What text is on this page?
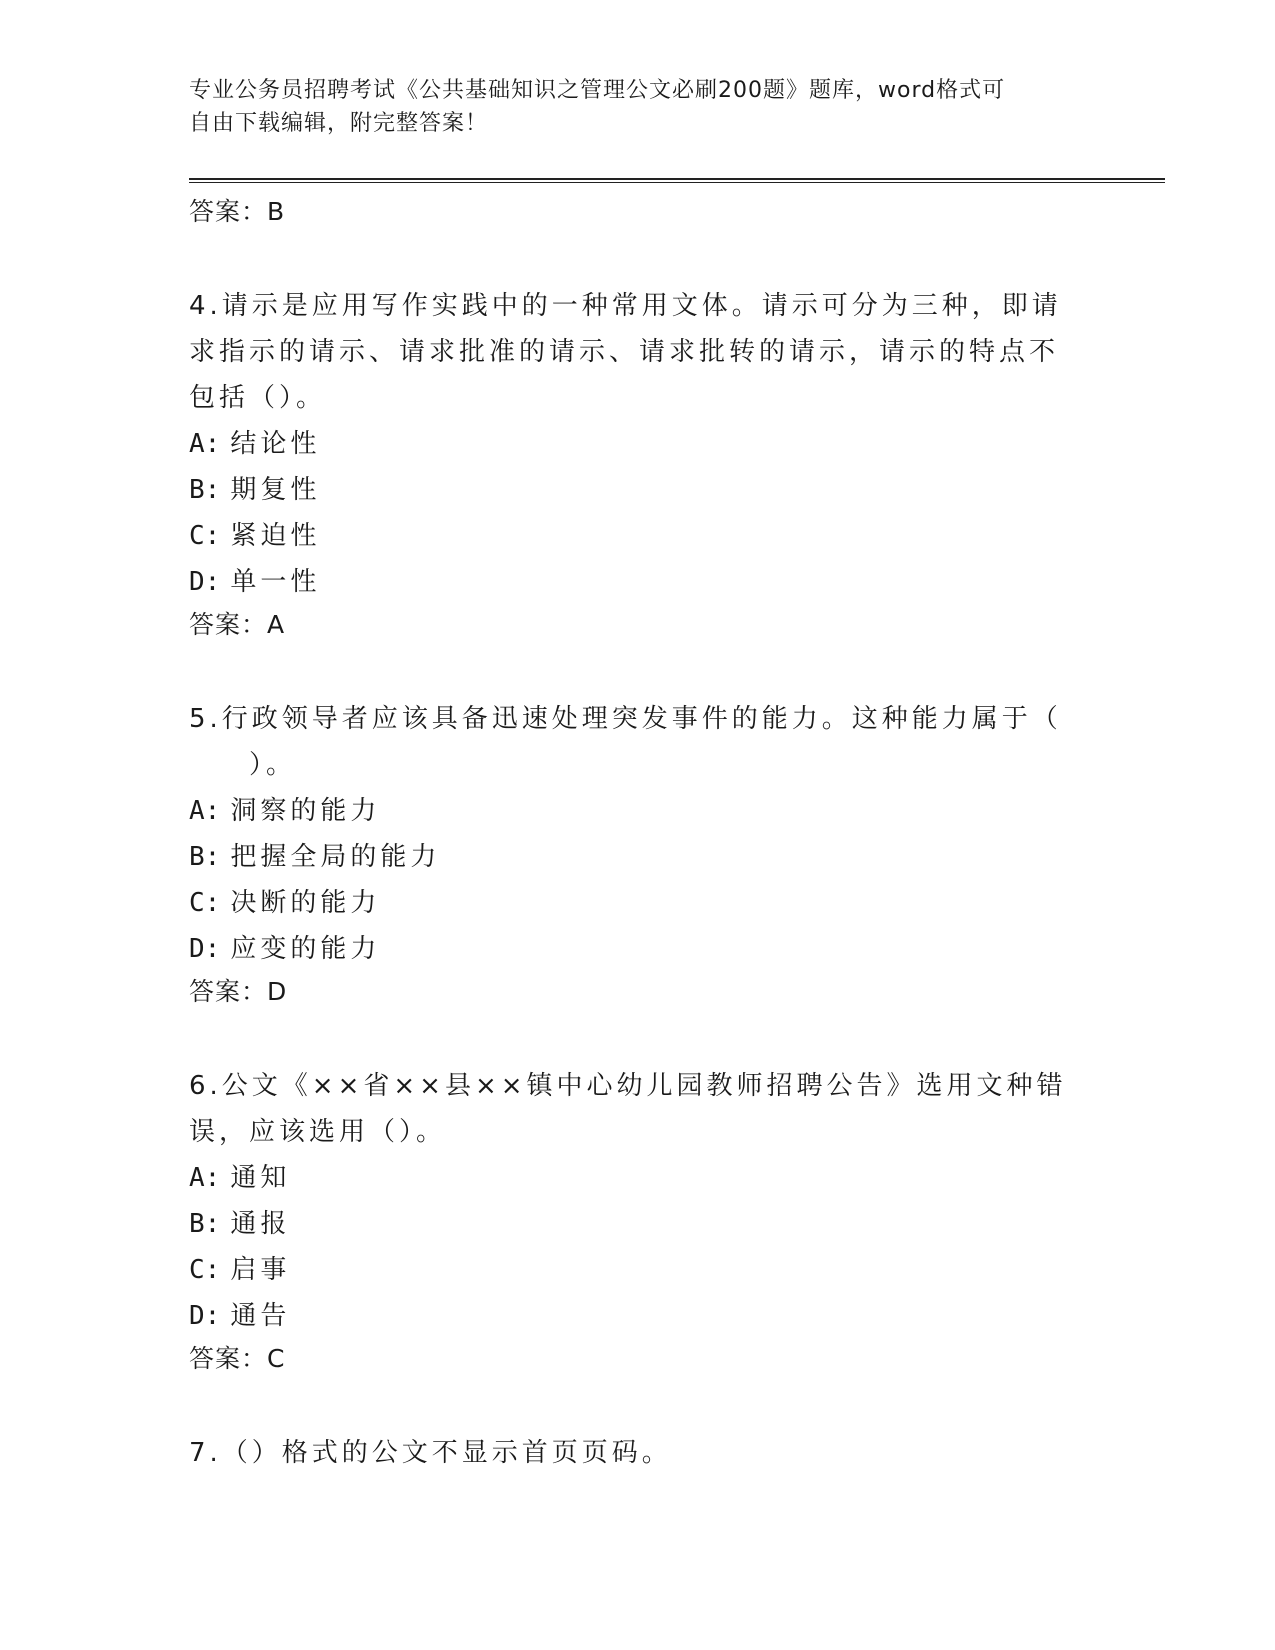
专业公务员招聘考试《公共基础知识之管理公文必刷200题》题库，word格式可
自由下载编辑，附完整答案！
答案：B

4.请示是应用写作实践中的一种常用文体。请示可分为三种，即请求指示的请示、请求批准的请示、请求批转的请示，请示的特点不包括（）。

A: 结论性
B: 期复性
C: 紧迫性
D: 单一性
答案：A

5.行政领导者应该具备迅速处理突发事件的能力。这种能力属于（
　　）。

A: 洞察的能力
B: 把握全局的能力
C: 决断的能力
D: 应变的能力
答案：D

6.公文《××省××县××镇中心幼儿园教师招聘公告》选用文种错误，应该选用（）。

A: 通知
B: 通报
C: 启事
D: 通告
答案：C

7.（）格式的公文不显示首页页码。
